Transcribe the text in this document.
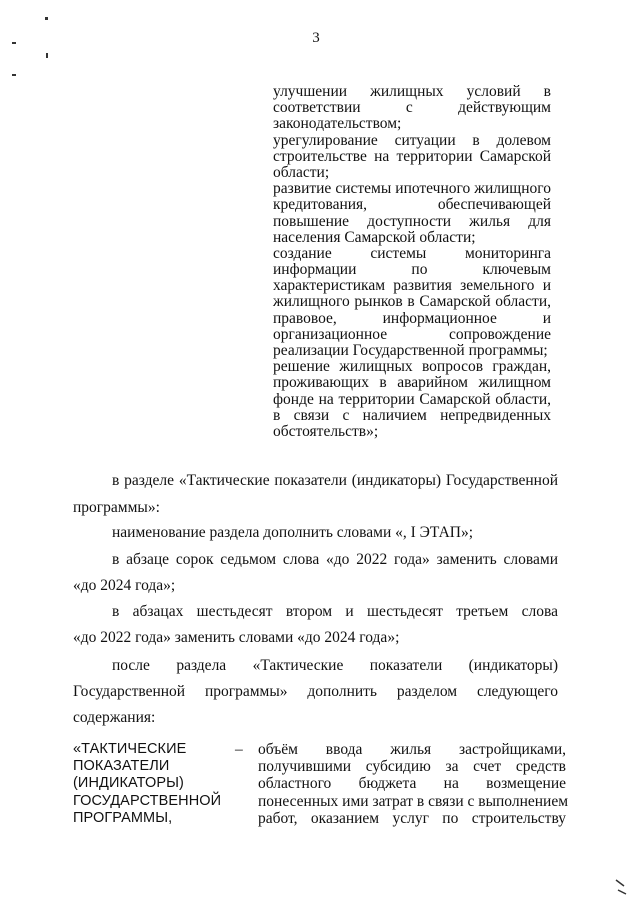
3
улучшении жилищных условий в
соответствии с действующим
законодательством;
урегулирование ситуации в долевом
строительстве на территории Самарской
области;
развитие системы ипотечного жилищного
кредитования, обеспечивающей
повышение доступности жилья для
населения Самарской области;
создание системы мониторинга
информации по ключевым
характеристикам развития земельного и
жилищного рынков в Самарской области,
правовое, информационное и
организационное сопровождение
реализации Государственной программы;
решение жилищных вопросов граждан,
проживающих в аварийном жилищном
фонде на территории Самарской области,
в связи с наличием непредвиденных
обстоятельств»;
в разделе «Тактические показатели (индикаторы) Государственной
программы»:
наименование раздела дополнить словами «, I ЭТАП»;
в абзаце сорок седьмом слова «до 2022 года» заменить словами
«до 2024 года»;
в абзацах шестьдесят втором и шестьдесят третьем слова
«до 2022 года» заменить словами «до 2024 года»;
после раздела «Тактические показатели (индикаторы)
Государственной программы» дополнить разделом следующего
содержания:
«ТАКТИЧЕСКИЕ
ПОКАЗАТЕЛИ
(ИНДИКАТОРЫ)
ГОСУДАРСТВЕННОЙ
ПРОГРАММЫ,
– объём ввода жилья застройщиками,
получившими субсидию за счет средств
областного бюджета на возмещение
понесенных ими затрат в связи с выполнением
работ, оказанием услуг по строительству
